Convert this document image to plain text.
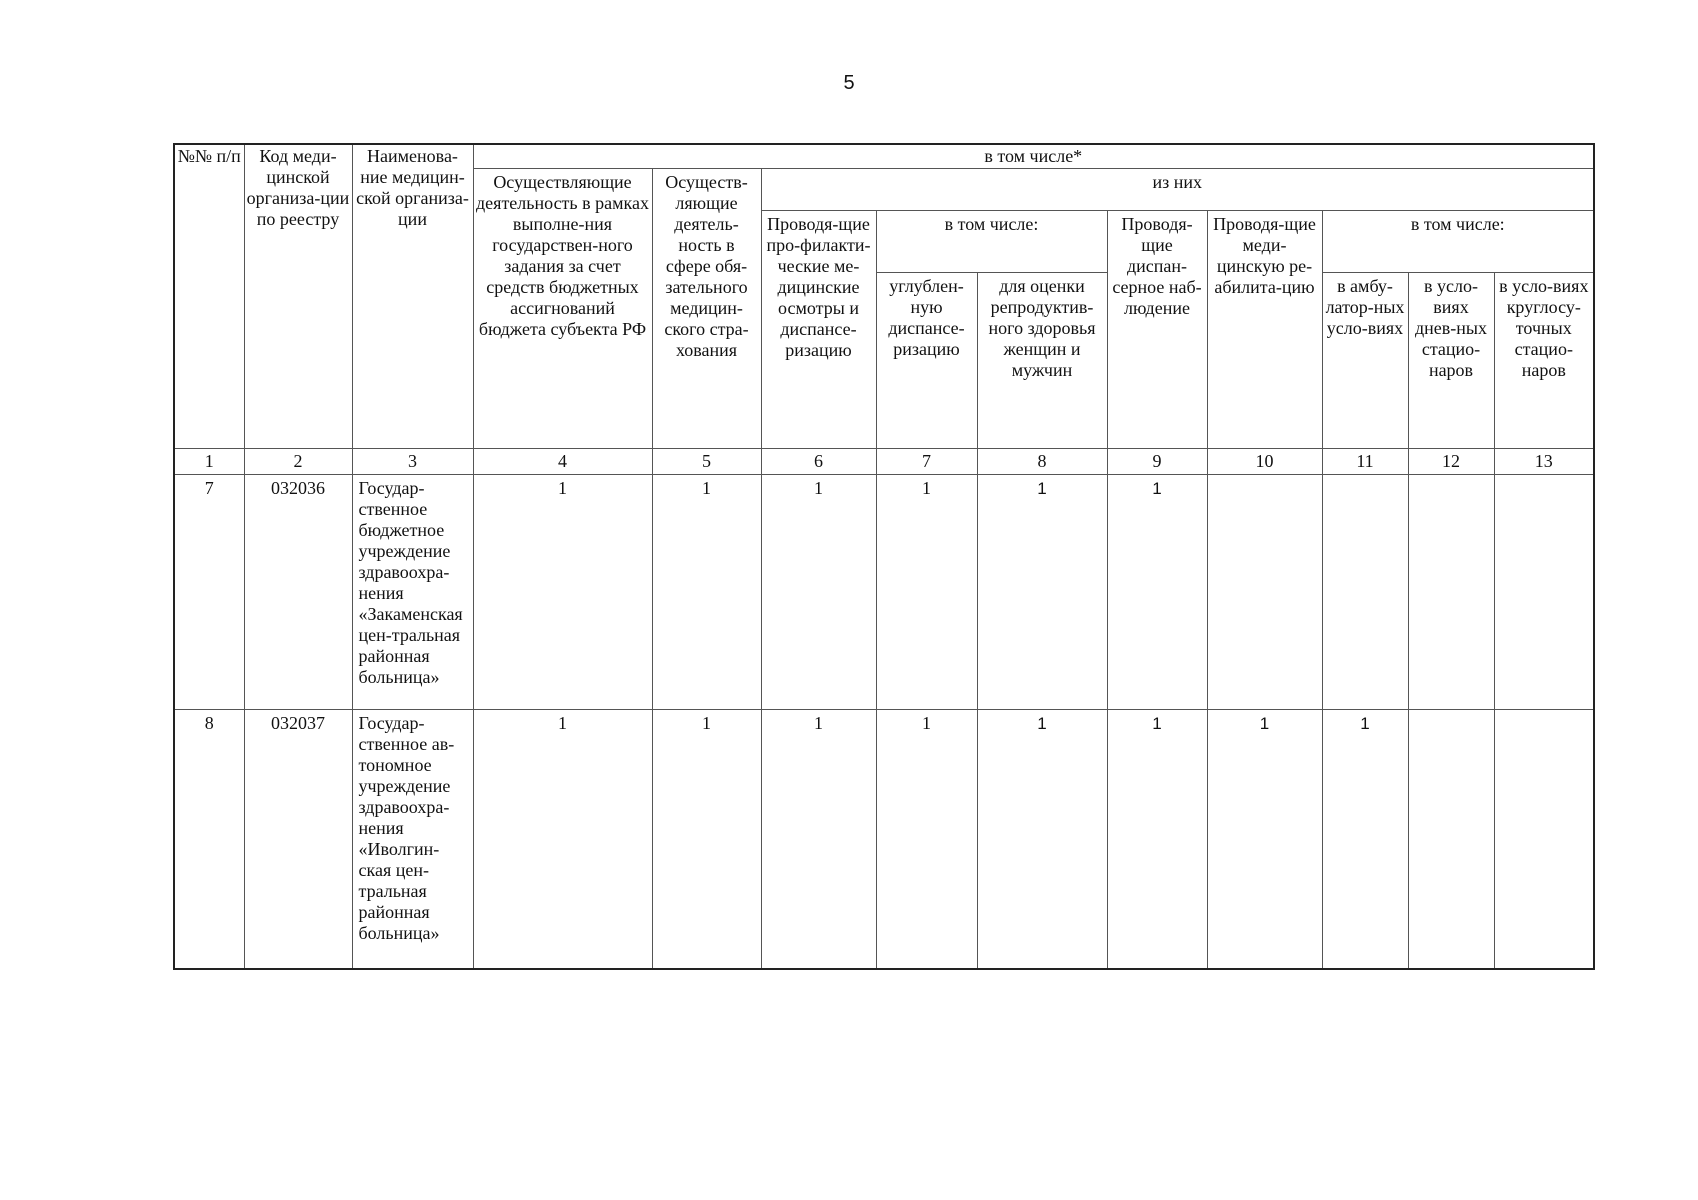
5
№№ п/п	Код меди-цинской организа-ции по реестру	Наименова-ние медицин-ской организа-ции	в том числе*									
			Осуществляющие деятельность в рамках выполне-ния государствен-ного задания за счет средств бюджетных ассигнований бюджета субъекта РФ	Осуществ-ляющие деятель-ность в сфере обя-зательного медицин-ского стра-хования	из них							
					Проводя-щие про-филакти-ческие ме-дицинские осмотры и диспансе-ризацию	в том числе:		Проводя-щие диспан-серное наб-людение	Проводя-щие меди-цинскую ре-абилита-цию	в том числе:		
						углублен-ную диспансе-ризацию	для оценки репродуктив-ного здоровья женщин и мужчин			в амбу-латор-ных усло-виях	в усло-виях днев-ных стацио-наров	в усло-виях круглосу-точных стацио-наров
1	2	3	4	5	6	7	8	9	10	11	12	13
7	032036	Государ-ственное бюджетное учреждение здравоохра-нения «Закаменская цен-тральная районная больница»	1	1	1	1	1	1				
8	032037	Государ-ственное ав-тономное учреждение здравоохра-нения «Иволгин-ская цен-тральная районная больница»	1	1	1	1	1	1	1	1		
